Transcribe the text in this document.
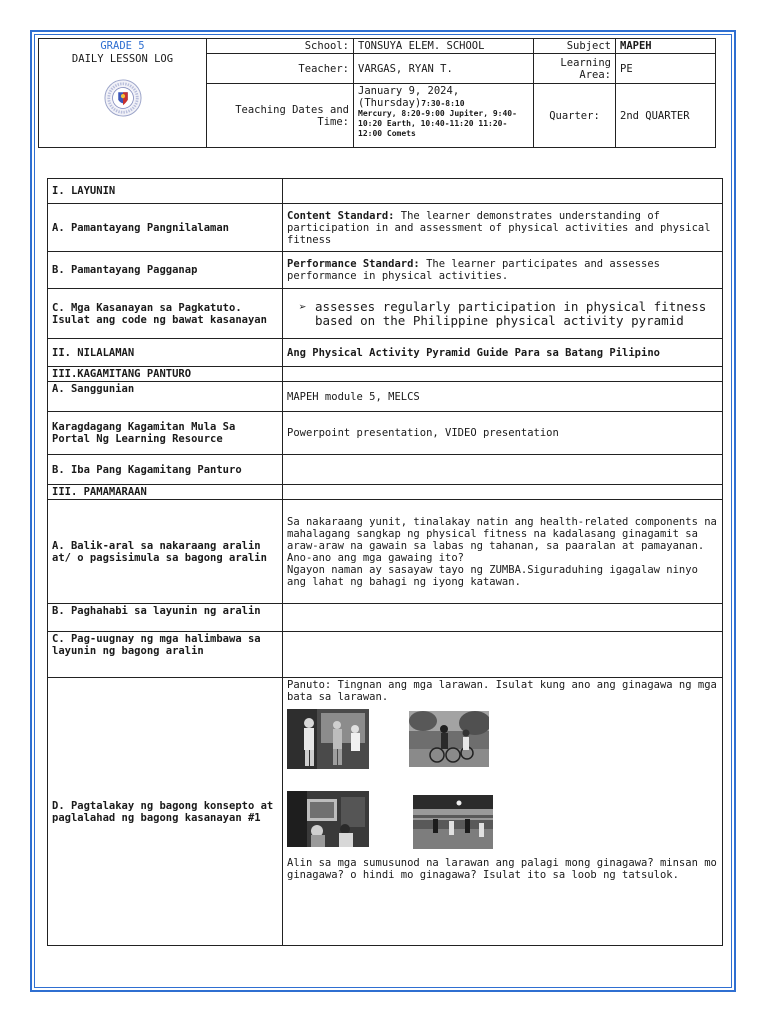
GRADE 5
DAILY LESSON LOG	School:	TONSUYA ELEM. SCHOOL	Subject	MAPEH
	Teacher:	VARGAS, RYAN T.	Learning Area:	PE
	Teaching Dates and Time:	January 9, 2024,
(Thursday)7:30-8:10
Mercury, 8:20-9:00 Jupiter, 9:40-10:20 Earth, 10:40-11:20 11:20-12:00 Comets	Quarter:	2nd QUARTER
I. LAYUNIN	
A. Pamantayang Pangnilalaman	Content Standard: The learner demonstrates understanding of participation in and assessment of physical activities and physical fitness
B. Pamantayang Pagganap	Performance Standard: The learner participates and assesses performance in physical activities.
C. Mga Kasanayan sa Pagkatuto. Isulat ang code ng bawat kasanayan	➢ assesses regularly participation in physical fitness based on the Philippine physical activity pyramid

II. NILALAMAN	Ang Physical Activity Pyramid Guide Para sa Batang Pilipino
III.KAGAMITANG PANTURO	
A. Sanggunian	MAPEH module 5, MELCS
Karagdagang Kagamitan Mula Sa Portal Ng Learning Resource	Powerpoint presentation, VIDEO presentation
B. Iba Pang Kagamitang Panturo	
III. PAMAMARAAN	
A. Balik-aral sa nakaraang aralin at/ o pagsisimula sa bagong aralin	Sa nakaraang yunit, tinalakay natin ang health-related components na mahalagang sangkap ng physical fitness na kadalasang ginagamit sa araw-araw na gawain sa labas ng tahanan, sa paaralan at pamayanan. Ano-ano ang mga gawaing ito?
Ngayon naman ay sasayaw tayo ng ZUMBA.Siguraduhing igagalaw ninyo ang lahat ng bahagi ng iyong katawan.

B. Paghahabi sa layunin ng aralin	
C. Pag-uugnay ng mga halimbawa sa layunin ng bagong aralin	
D. Pagtalakay ng bagong konsepto at paglalahad ng bagong kasanayan #1	Panuto: Tingnan ang mga larawan. Isulat kung ano ang ginagawa ng mga bata sa larawan.
Alin sa mga sumusunod na larawan ang palagi mong ginagawa? minsan mo ginagawa? o hindi mo ginagawa? Isulat ito sa loob ng tatsulok.
